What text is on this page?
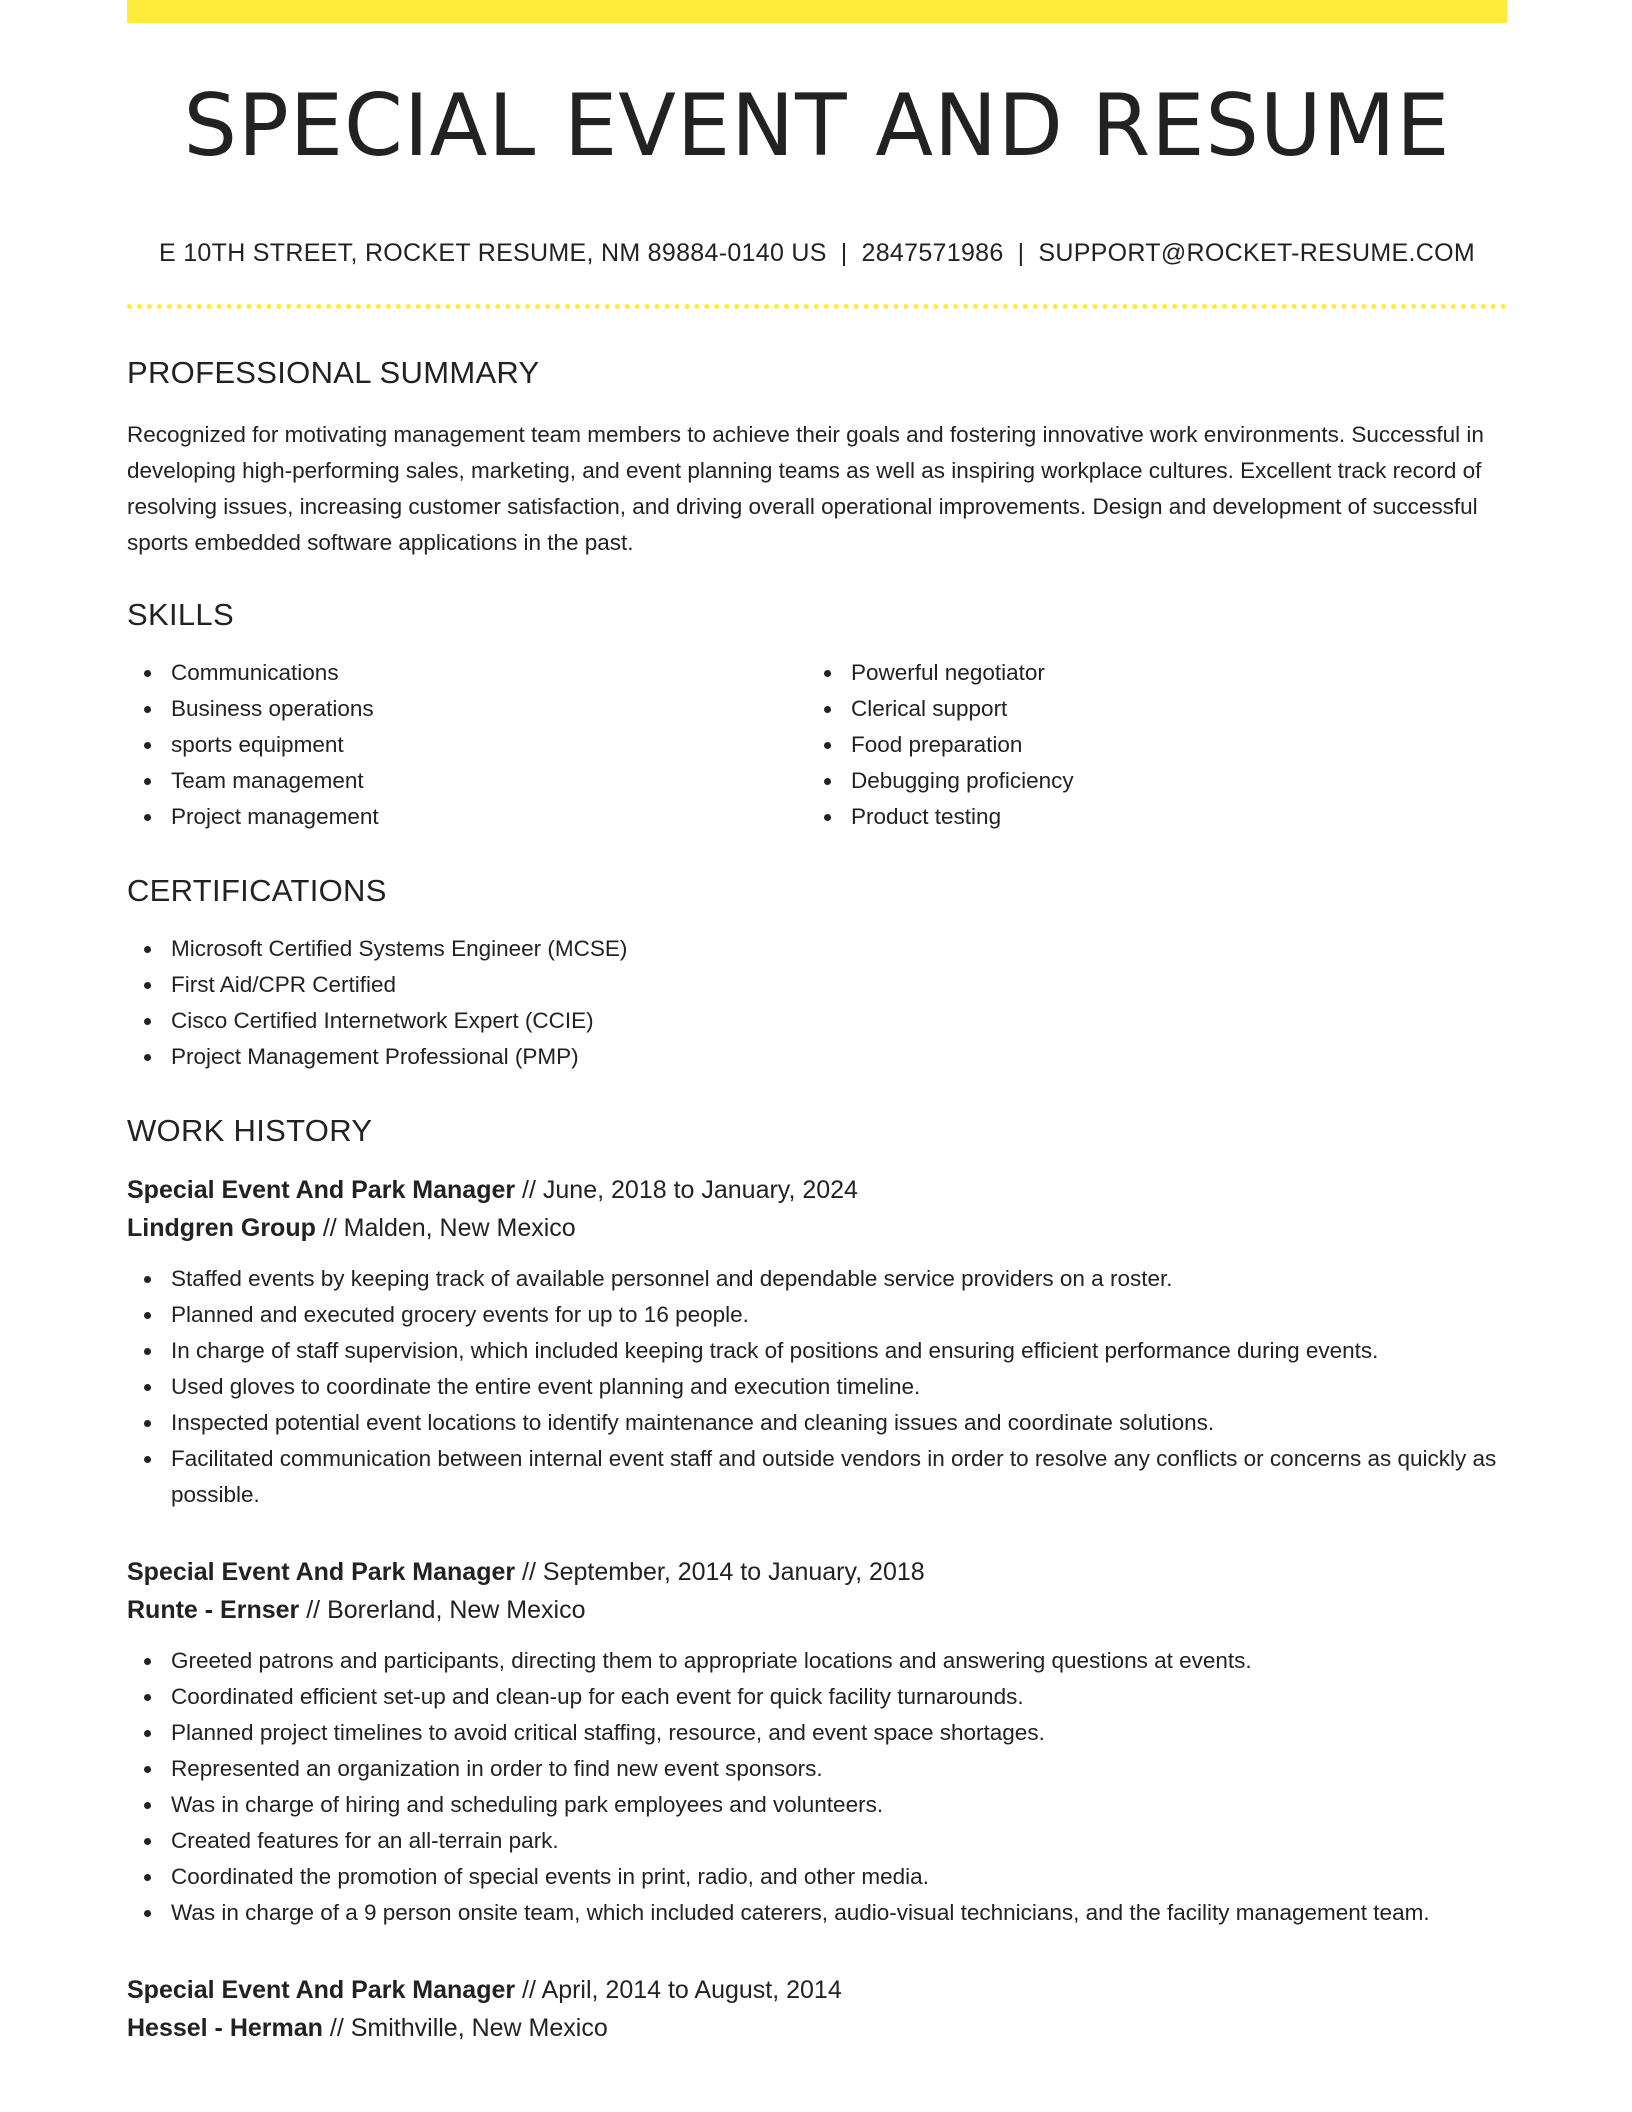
SPECIAL EVENT AND RESUME
E 10TH STREET, ROCKET RESUME, NM 89884-0140 US | 2847571986 | SUPPORT@ROCKET-RESUME.COM
PROFESSIONAL SUMMARY

Recognized for motivating management team members to achieve their goals and fostering innovative work environments. Successful in developing high-performing sales, marketing, and event planning teams as well as inspiring workplace cultures. Excellent track record of resolving issues, increasing customer satisfaction, and driving overall operational improvements. Design and development of successful sports embedded software applications in the past.

SKILLS
Communications
Business operations
sports equipment
Team management
Project management
Powerful negotiator
Clerical support
Food preparation
Debugging proficiency
Product testing
CERTIFICATIONS
Microsoft Certified Systems Engineer (MCSE)
First Aid/CPR Certified
Cisco Certified Internetwork Expert (CCIE)
Project Management Professional (PMP)
WORK HISTORY
Special Event And Park Manager // June, 2018 to January, 2024
Lindgren Group // Malden, New Mexico
Staffed events by keeping track of available personnel and dependable service providers on a roster.
Planned and executed grocery events for up to 16 people.
In charge of staff supervision, which included keeping track of positions and ensuring efficient performance during events.
Used gloves to coordinate the entire event planning and execution timeline.
Inspected potential event locations to identify maintenance and cleaning issues and coordinate solutions.
Facilitated communication between internal event staff and outside vendors in order to resolve any conflicts or concerns as quickly as possible.
Special Event And Park Manager // September, 2014 to January, 2018
Runte - Ernser // Borerland, New Mexico
Greeted patrons and participants, directing them to appropriate locations and answering questions at events.
Coordinated efficient set-up and clean-up for each event for quick facility turnarounds.
Planned project timelines to avoid critical staffing, resource, and event space shortages.
Represented an organization in order to find new event sponsors.
Was in charge of hiring and scheduling park employees and volunteers.
Created features for an all-terrain park.
Coordinated the promotion of special events in print, radio, and other media.
Was in charge of a 9 person onsite team, which included caterers, audio-visual technicians, and the facility management team.
Special Event And Park Manager // April, 2014 to August, 2014
Hessel - Herman // Smithville, New Mexico
